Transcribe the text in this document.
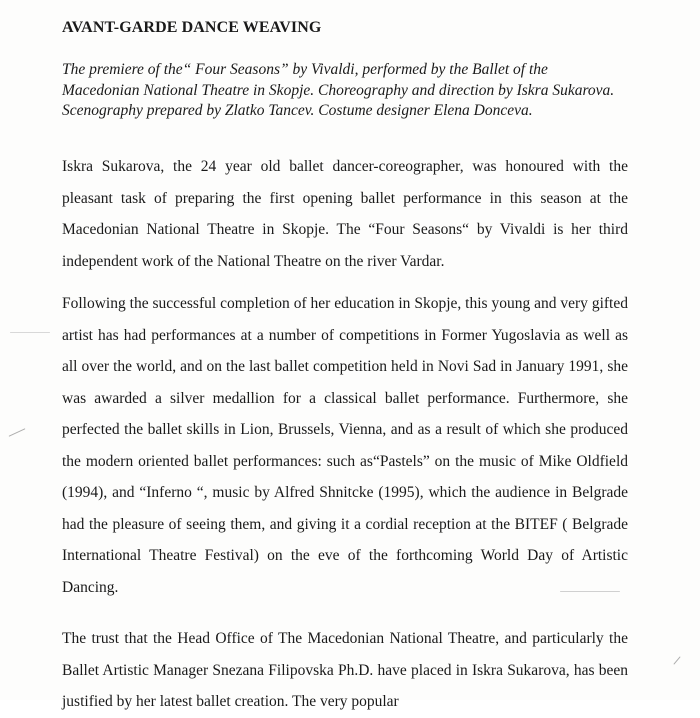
AVANT-GARDE DANCE WEAVING

The premiere of the“ Four Seasons” by Vivaldi, performed by the Ballet of the Macedonian National Theatre in Skopje. Choreography and direction by Iskra Sukarova. Scenography prepared by Zlatko Tancev. Costume designer Elena Donceva.

Iskra Sukarova, the 24 year old ballet dancer-coreographer, was honoured with the pleasant task of preparing the first opening ballet performance in this season at the Macedonian National Theatre in Skopje. The “Four Seasons“ by Vivaldi is her third independent work of the National Theatre on the river Vardar.

Following the successful completion of her education in Skopje, this young and very gifted artist has had performances at a number of competitions in Former Yugoslavia as well as all over the world, and on the last ballet competition held in Novi Sad in January 1991, she was awarded a silver medallion for a classical ballet performance. Furthermore, she perfected the ballet skills in Lion, Brussels, Vienna, and as a result of which she produced the modern oriented ballet performances: such as“Pastels” on the music of Mike Oldfield (1994), and “Inferno “, music by Alfred Shnitcke (1995), which the audience in Belgrade had the pleasure of seeing them, and giving it a cordial reception at the BITEF ( Belgrade International Theatre Festival) on the eve of the forthcoming World Day of Artistic Dancing.

The trust that the Head Office of The Macedonian National Theatre, and particularly the Ballet Artistic Manager Snezana Filipovska Ph.D. have placed in Iskra Sukarova, has been justified by her latest ballet creation. The very popular
